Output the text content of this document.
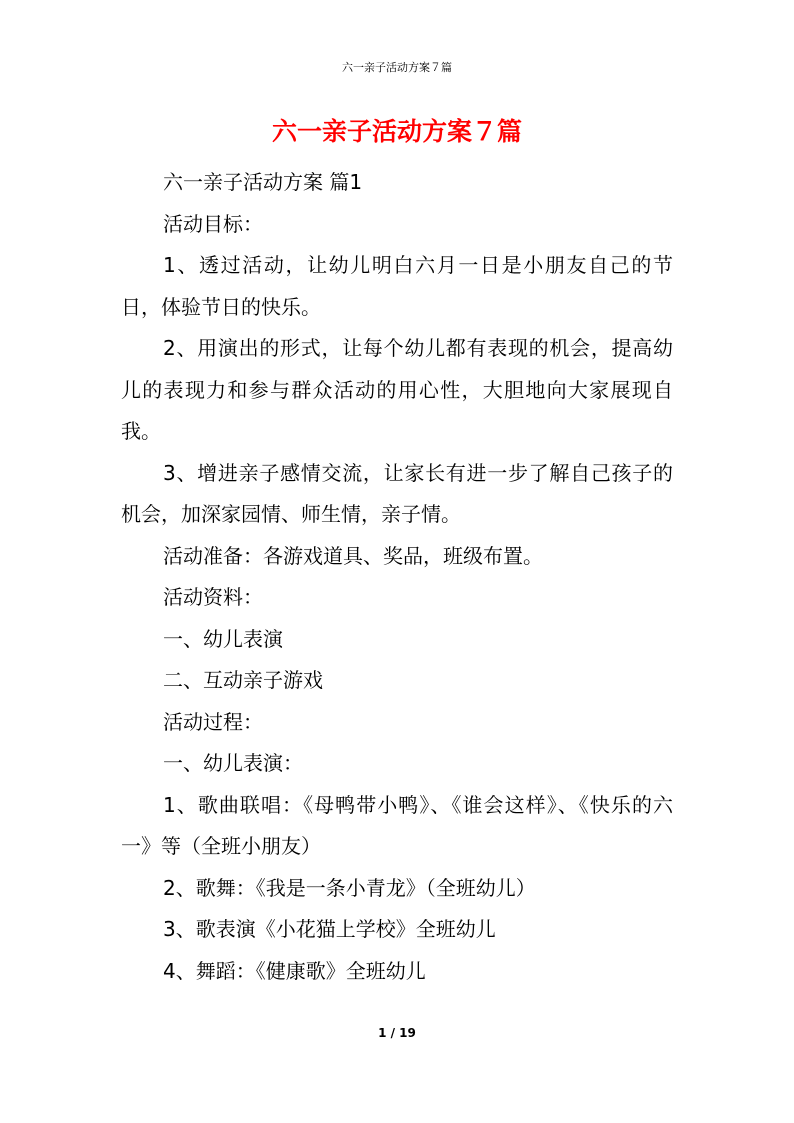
六一亲子活动方案７篇
六一亲子活动方案７篇

六一亲子活动方案 篇1

活动目标：

1、透过活动，让幼儿明白六月一日是小朋友自己的节日，体验节日的快乐。

2、用演出的形式，让每个幼儿都有表现的机会，提高幼儿的表现力和参与群众活动的用心性，大胆地向大家展现自我。

3、增进亲子感情交流，让家长有进一步了解自己孩子的机会，加深家园情、师生情，亲子情。

活动准备：各游戏道具、奖品，班级布置。

活动资料：

一、幼儿表演

二、互动亲子游戏

活动过程：

一、幼儿表演：

1、歌曲联唱：《母鸭带小鸭》、《谁会这样》、《快乐的六一》等（全班小朋友）

2、歌舞：《我是一条小青龙》（全班幼儿）

3、歌表演《小花猫上学校》全班幼儿

4、舞蹈：《健康歌》全班幼儿

1 / 19
